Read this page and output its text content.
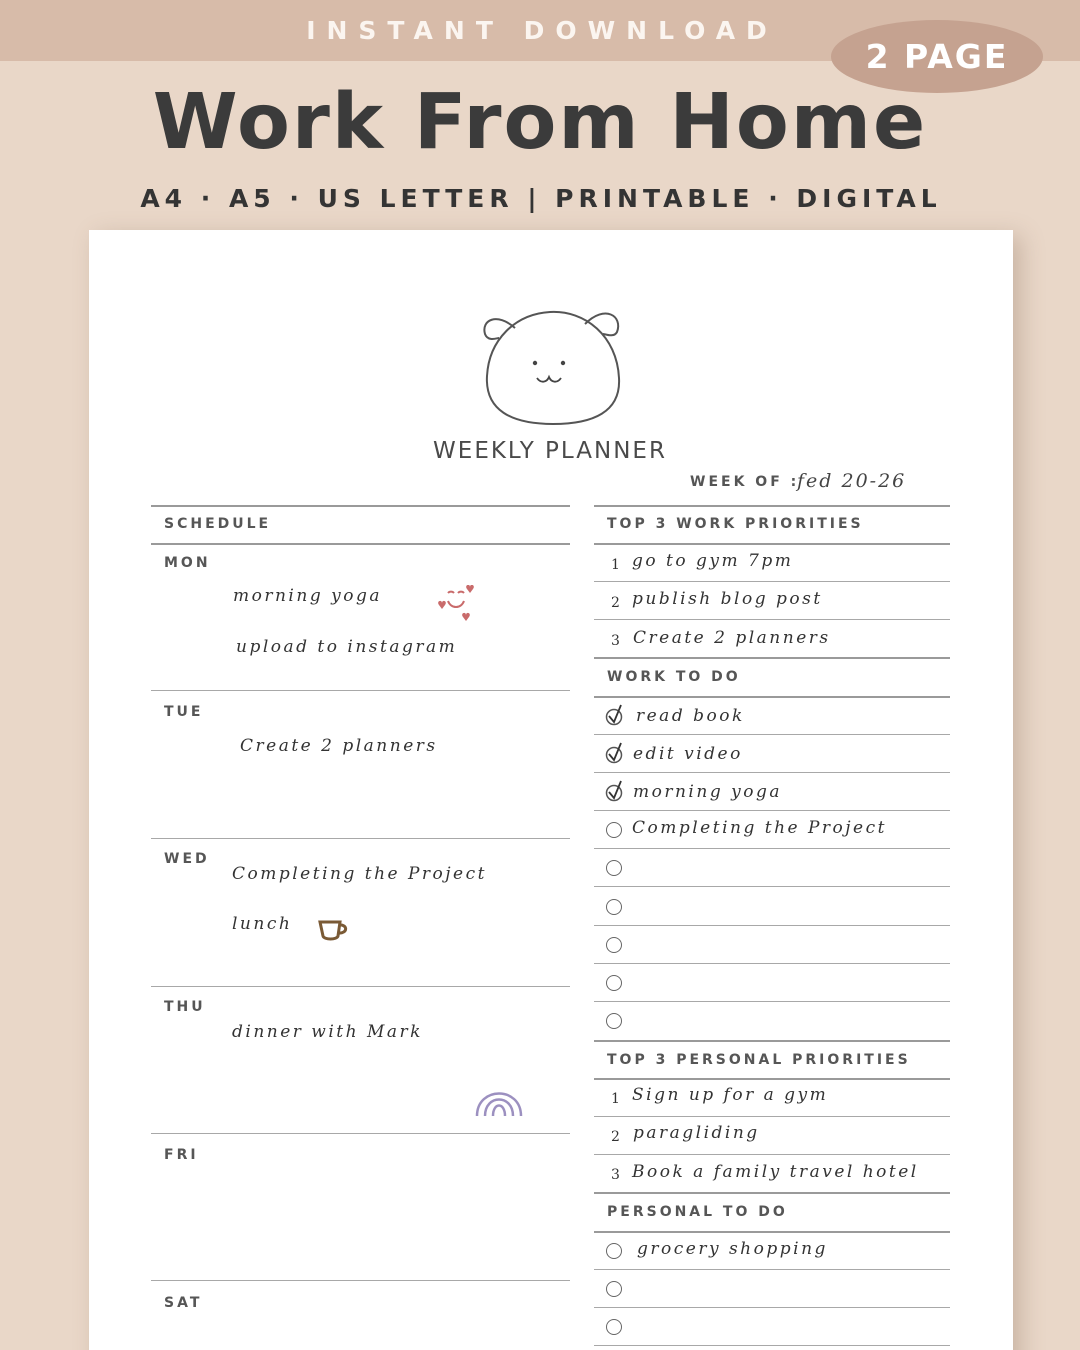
INSTANT DOWNLOAD
2 PAGE
Work From Home
A4 · A5 · US LETTER | PRINTABLE · DIGITAL
WEEKLY PLANNER
WEEK OF :
fed 20-26
SCHEDULE
MON
morning yoga
upload to instagram
TUE
Create 2 planners
WED
Completing the Project
lunch
THU
dinner with Mark
FRI
SAT
TOP 3 WORK PRIORITIES
1 go to gym 7pm
2 publish blog post
3 Create 2 planners
WORK TO DO
read book
edit video
morning yoga
Completing the Project
TOP 3 PERSONAL PRIORITIES
1 Sign up for a gym
2 paragliding
3 Book a family travel hotel
PERSONAL TO DO
grocery shopping
